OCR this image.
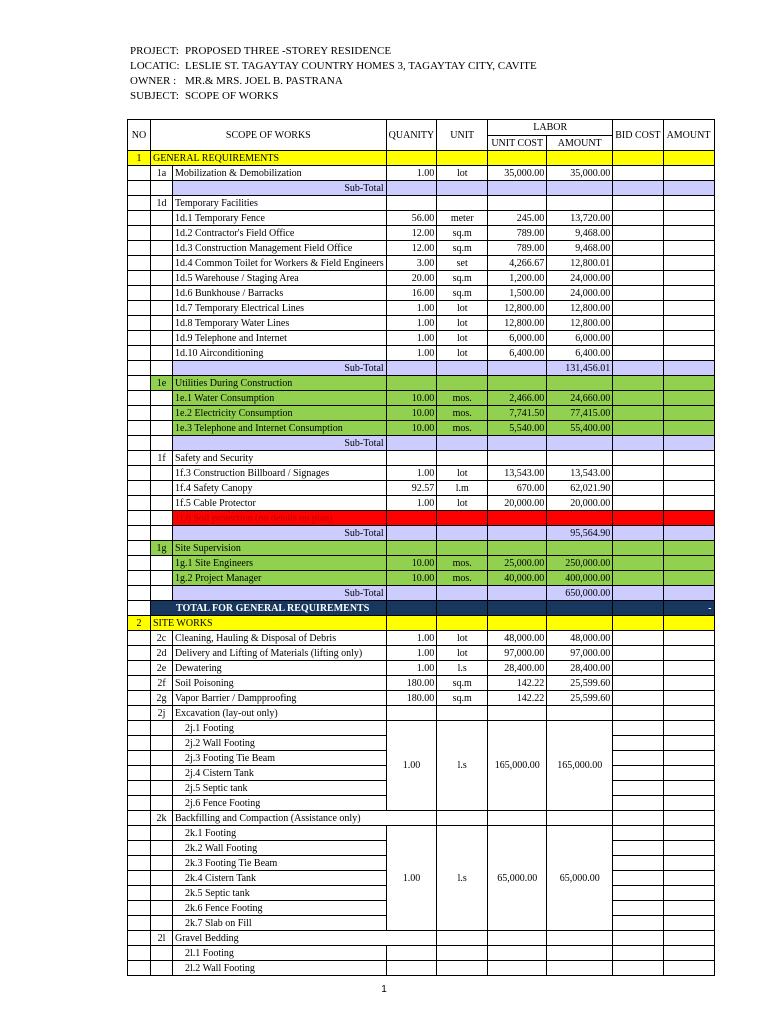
PROJECT: PROPOSED THREE -STOREY RESIDENCE
LOCATIC: LESLIE ST. TAGAYTAY COUNTRY HOMES 3, TAGAYTAY CITY, CAVITE
OWNER : MR.& MRS. JOEL B. PASTRANA
SUBJECT: SCOPE OF WORKS
NO	SCOPE OF WORKS		QUANITY	UNIT	LABOR		BID COST	AMOUNT
					UNIT COST	AMOUNT		
1	GENERAL REQUIREMENTS							
	1a	Mobilization & Demobilization	1.00	lot	35,000.00	35,000.00		
		Sub-Total						
	1d	Temporary Facilities						
		1d.1 Temporary Fence	56.00	meter	245.00	13,720.00		
		1d.2 Contractor's Field Office	12.00	sq.m	789.00	9,468.00		
		1d.3 Construction Management Field Office	12.00	sq.m	789.00	9,468.00		
		1d.4 Common Toilet for Workers & Field Engineers	3.00	set	4,266.67	12,800.01		
		1d.5 Warehouse / Staging Area	20.00	sq.m	1,200.00	24,000.00		
		1d.6 Bunkhouse / Barracks	16.00	sq.m	1,500.00	24,000.00		
		1d.7 Temporary Electrical Lines	1.00	lot	12,800.00	12,800.00		
		1d.8 Temporary Water Lines	1.00	lot	12,800.00	12,800.00		
		1d.9 Telephone and Internet	1.00	lot	6,000.00	6,000.00		
		1d.10 Airconditioning	1.00	lot	6,400.00	6,400.00		
		Sub-Total				131,456.01		
	1e	Utilities During Construction						
		1e.1 Water Consumption	10.00	mos.	2,466.00	24,660.00		
		1e.2 Electricity Consumption	10.00	mos.	7,741.50	77,415.00		
		1e.3 Telephone and Internet Consumption	10.00	mos.	5,540.00	55,400.00		
		Sub-Total						
	1f	Safety and Security						
		1f.3 Construction Billboard / Signages	1.00	lot	13,543.00	13,543.00		
		1f.4 Safety Canopy	92.57	l.m	670.00	62,021.90		
		1f.5 Cable Protector	1.00	lot	20,000.00	20,000.00		
		1f.6 Soil protection (no details on plan)						
		Sub-Total				95,564.90		
	1g	Site Supervision						
		1g.1 Site Engineers	10.00	mos.	25,000.00	250,000.00		
		1g.2 Project Manager	10.00	mos.	40,000.00	400,000.00		
		Sub-Total				650,000.00		
	TOTAL FOR GENERAL REQUIREMENTS							-
2	SITE WORKS							
	2c	Cleaning, Hauling & Disposal of Debris	1.00	lot	48,000.00	48,000.00		
	2d	Delivery and Lifting of Materials (lifting only)	1.00	lot	97,000.00	97,000.00		
	2e	Dewatering	1.00	l.s	28,400.00	28,400.00		
	2f	Soil Poisoning	180.00	sq.m	142.22	25,599.60		
	2g	Vapor Barrier / Dampproofing	180.00	sq.m	142.22	25,599.60		
	2j	Excavation (lay-out only)						
		2j.1 Footing	1.00	l.s	165,000.00	165,000.00		
		2j.2 Wall Footing						
		2j.3 Footing Tie Beam						
		2j.4 Cistern Tank						
		2j.5 Septic tank						
		2j.6 Fence Footing						
	2k	Backfilling and Compaction (Assistance only)						
		2k.1 Footing	1.00	l.s	65,000.00	65,000.00		
		2k.2 Wall Footing						
		2k.3 Footing Tie Beam						
		2k.4 Cistern Tank						
		2k.5 Septic tank						
		2k.6 Fence Footing						
		2k.7 Slab on Fill						
	2l	Gravel Bedding						
		2l.1 Footing						
		2l.2 Wall Footing						
1
